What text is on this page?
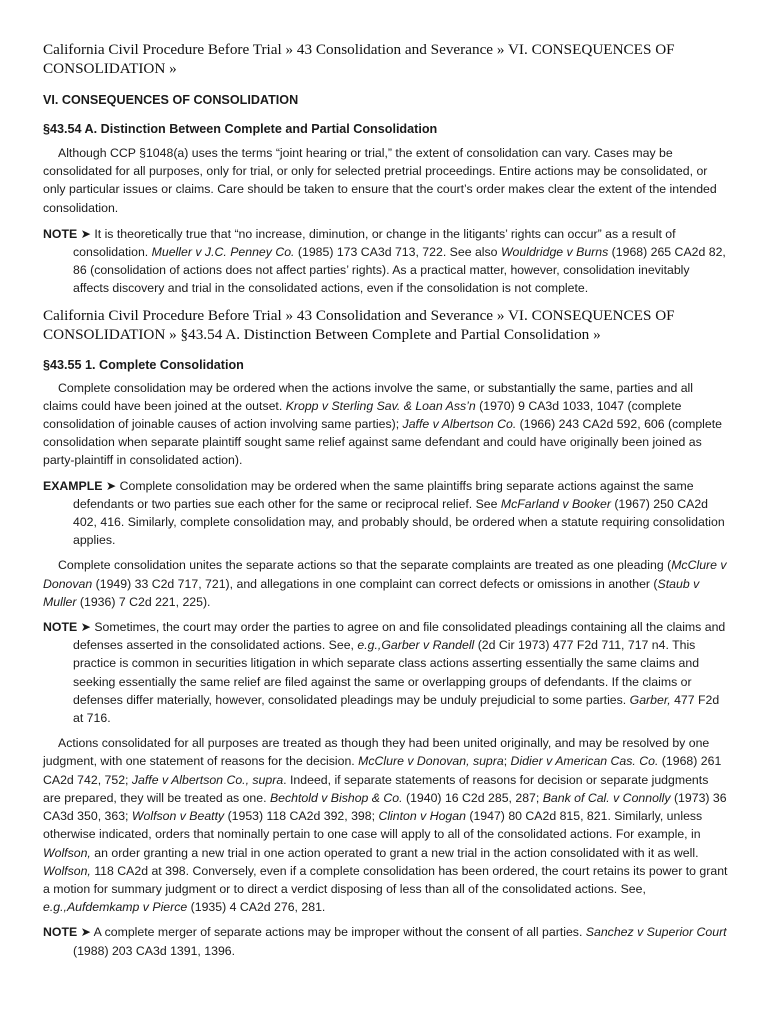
California Civil Procedure Before Trial » 43 Consolidation and Severance » VI. CONSEQUENCES OF CONSOLIDATION »

VI. CONSEQUENCES OF CONSOLIDATION

§43.54 A. Distinction Between Complete and Partial Consolidation

Although CCP §1048(a) uses the terms “joint hearing or trial,” the extent of consolidation can vary. Cases may be consolidated for all purposes, only for trial, or only for selected pretrial proceedings. Entire actions may be consolidated, or only particular issues or claims. Care should be taken to ensure that the court’s order makes clear the extent of the intended consolidation.

NOTE ➤ It is theoretically true that “no increase, diminution, or change in the litigants’ rights can occur” as a result of consolidation. Mueller v J.C. Penney Co. (1985) 173 CA3d 713, 722. See also Wouldridge v Burns (1968) 265 CA2d 82, 86 (consolidation of actions does not affect parties’ rights). As a practical matter, however, consolidation inevitably affects discovery and trial in the consolidated actions, even if the consolidation is not complete.

California Civil Procedure Before Trial » 43 Consolidation and Severance » VI. CONSEQUENCES OF CONSOLIDATION » §43.54 A. Distinction Between Complete and Partial Consolidation »

§43.55 1. Complete Consolidation

Complete consolidation may be ordered when the actions involve the same, or substantially the same, parties and all claims could have been joined at the outset. Kropp v Sterling Sav. & Loan Ass’n (1970) 9 CA3d 1033, 1047 (complete consolidation of joinable causes of action involving same parties); Jaffe v Albertson Co. (1966) 243 CA2d 592, 606 (complete consolidation when separate plaintiff sought same relief against same defendant and could have originally been joined as party-plaintiff in consolidated action).

EXAMPLE ➤ Complete consolidation may be ordered when the same plaintiffs bring separate actions against the same defendants or two parties sue each other for the same or reciprocal relief. See McFarland v Booker (1967) 250 CA2d 402, 416. Similarly, complete consolidation may, and probably should, be ordered when a statute requiring consolidation applies.

Complete consolidation unites the separate actions so that the separate complaints are treated as one pleading (McClure v Donovan (1949) 33 C2d 717, 721), and allegations in one complaint can correct defects or omissions in another (Staub v Muller (1936) 7 C2d 221, 225).

NOTE ➤ Sometimes, the court may order the parties to agree on and file consolidated pleadings containing all the claims and defenses asserted in the consolidated actions. See, e.g.,Garber v Randell (2d Cir 1973) 477 F2d 711, 717 n4. This practice is common in securities litigation in which separate class actions asserting essentially the same claims and seeking essentially the same relief are filed against the same or overlapping groups of defendants. If the claims or defenses differ materially, however, consolidated pleadings may be unduly prejudicial to some parties. Garber, 477 F2d at 716.

Actions consolidated for all purposes are treated as though they had been united originally, and may be resolved by one judgment, with one statement of reasons for the decision. McClure v Donovan, supra; Didier v American Cas. Co. (1968) 261 CA2d 742, 752; Jaffe v Albertson Co., supra. Indeed, if separate statements of reasons for decision or separate judgments are prepared, they will be treated as one. Bechtold v Bishop & Co. (1940) 16 C2d 285, 287; Bank of Cal. v Connolly (1973) 36 CA3d 350, 363; Wolfson v Beatty (1953) 118 CA2d 392, 398; Clinton v Hogan (1947) 80 CA2d 815, 821. Similarly, unless otherwise indicated, orders that nominally pertain to one case will apply to all of the consolidated actions. For example, in Wolfson, an order granting a new trial in one action operated to grant a new trial in the action consolidated with it as well. Wolfson, 118 CA2d at 398. Conversely, even if a complete consolidation has been ordered, the court retains its power to grant a motion for summary judgment or to direct a verdict disposing of less than all of the consolidated actions. See, e.g.,Aufdemkamp v Pierce (1935) 4 CA2d 276, 281.

NOTE ➤ A complete merger of separate actions may be improper without the consent of all parties. Sanchez v Superior Court (1988) 203 CA3d 1391, 1396.
